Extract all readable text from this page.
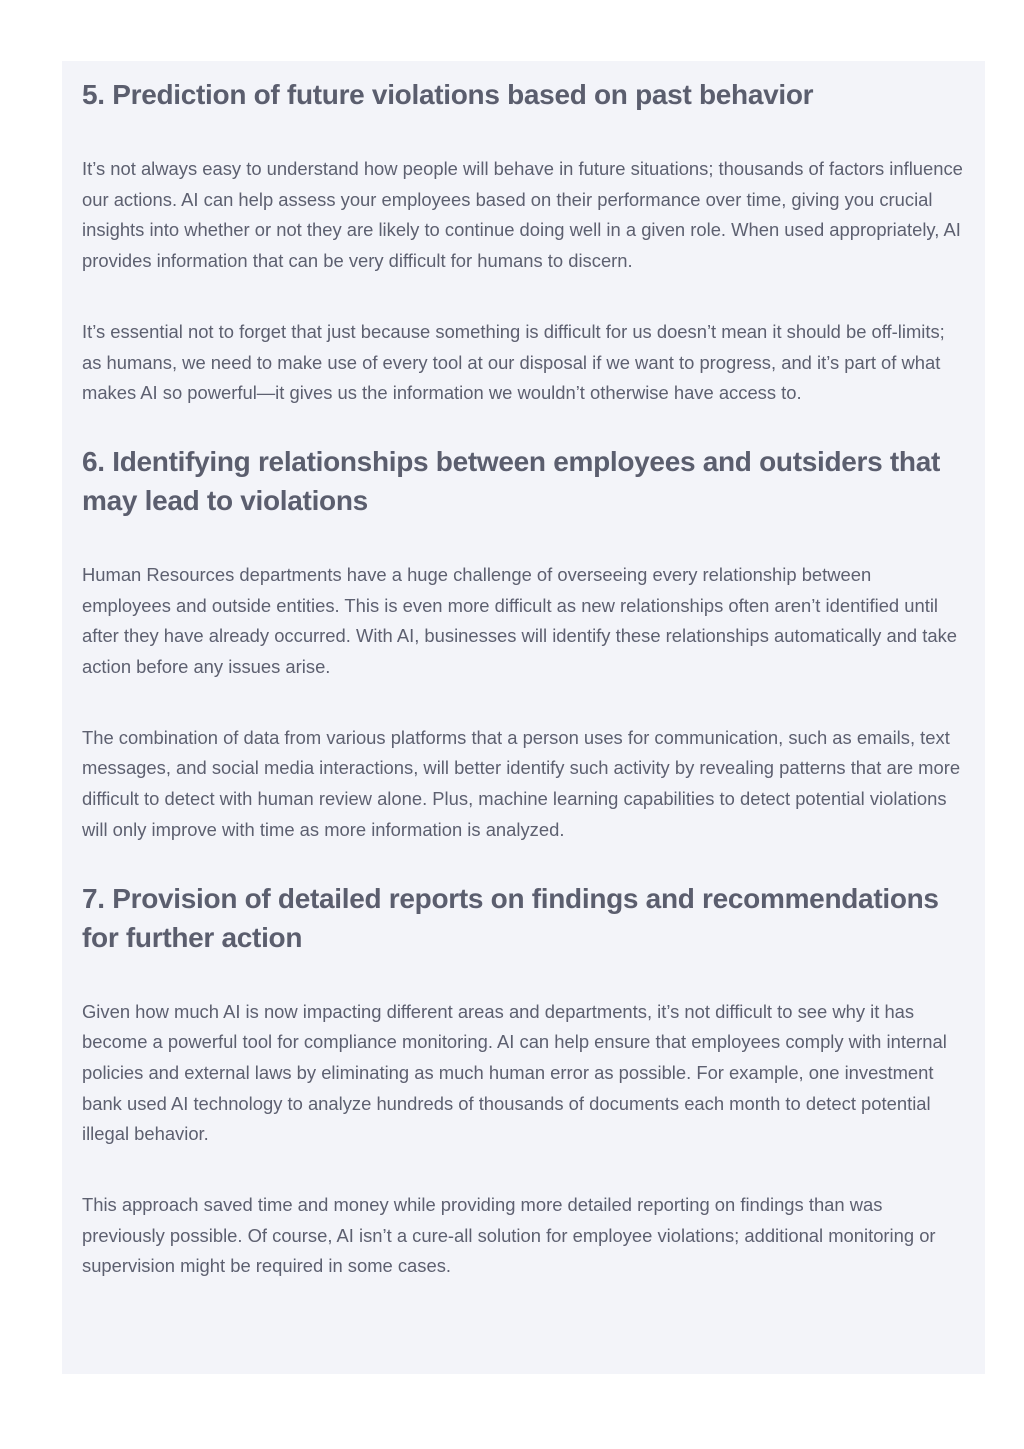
5. Prediction of future violations based on past behavior

It’s not always easy to understand how people will behave in future situations; thousands of factors influence our actions. AI can help assess your employees based on their performance over time, giving you crucial insights into whether or not they are likely to continue doing well in a given role. When used appropriately, AI provides information that can be very difficult for humans to discern.

It’s essential not to forget that just because something is difficult for us doesn’t mean it should be off-limits; as humans, we need to make use of every tool at our disposal if we want to progress, and it’s part of what makes AI so powerful—it gives us the information we wouldn’t otherwise have access to.

6. Identifying relationships between employees and outsiders that may lead to violations

Human Resources departments have a huge challenge of overseeing every relationship between employees and outside entities. This is even more difficult as new relationships often aren’t identified until after they have already occurred. With AI, businesses will identify these relationships automatically and take action before any issues arise.

The combination of data from various platforms that a person uses for communication, such as emails, text messages, and social media interactions, will better identify such activity by revealing patterns that are more difficult to detect with human review alone. Plus, machine learning capabilities to detect potential violations will only improve with time as more information is analyzed.

7. Provision of detailed reports on findings and recommendations for further action

Given how much AI is now impacting different areas and departments, it’s not difficult to see why it has become a powerful tool for compliance monitoring. AI can help ensure that employees comply with internal policies and external laws by eliminating as much human error as possible. For example, one investment bank used AI technology to analyze hundreds of thousands of documents each month to detect potential illegal behavior.

This approach saved time and money while providing more detailed reporting on findings than was previously possible. Of course, AI isn’t a cure-all solution for employee violations; additional monitoring or supervision might be required in some cases.
